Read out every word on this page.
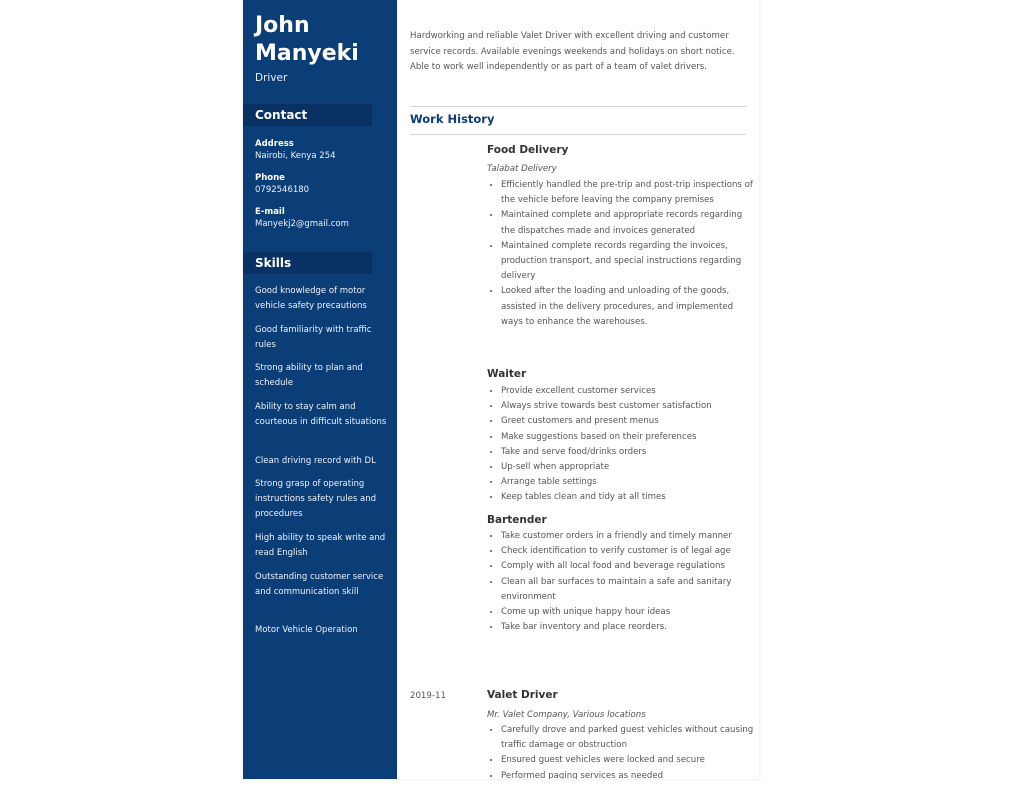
John
Manyeki
Driver
Contact
Address
Nairobi, Kenya 254
Phone
0792546180
E-mail
Manyekj2@gmail.com
Skills
Good knowledge of motor vehicle safety precautions
Good familiarity with traffic rules
Strong ability to plan and schedule
Ability to stay calm and courteous in difficult situations
Clean driving record with DL
Strong grasp of operating instructions safety rules and procedures
High ability to speak write and read English
Outstanding customer service and communication skill
Motor Vehicle Operation
Hardworking and reliable Valet Driver with excellent driving and customer service records. Available evenings weekends and holidays on short notice. Able to work well independently or as part of a team of valet drivers.
Work History
Food Delivery
Talabat Delivery
• Efficiently handled the pre-trip and post-trip inspections of the vehicle before leaving the company premises
• Maintained complete and appropriate records regarding the dispatches made and invoices generated
• Maintained complete records regarding the invoices, production transport, and special instructions regarding delivery
• Looked after the loading and unloading of the goods, assisted in the delivery procedures, and implemented ways to enhance the warehouses.
Waiter
• Provide excellent customer services
• Always strive towards best customer satisfaction
• Greet customers and present menus
• Make suggestions based on their preferences
• Take and serve food/drinks orders
• Up-sell when appropriate
• Arrange table settings
• Keep tables clean and tidy at all times
Bartender
• Take customer orders in a friendly and timely manner
• Check identification to verify customer is of legal age
• Comply with all local food and beverage regulations
• Clean all bar surfaces to maintain a safe and sanitary environment
• Come up with unique happy hour ideas
• Take bar inventory and place reorders.
2019-11	Valet Driver
Mr. Valet Company, Various locations
• Carefully drove and parked guest vehicles without causing traffic damage or obstruction
• Ensured guest vehicles were locked and secure
• Performed paging services as needed
